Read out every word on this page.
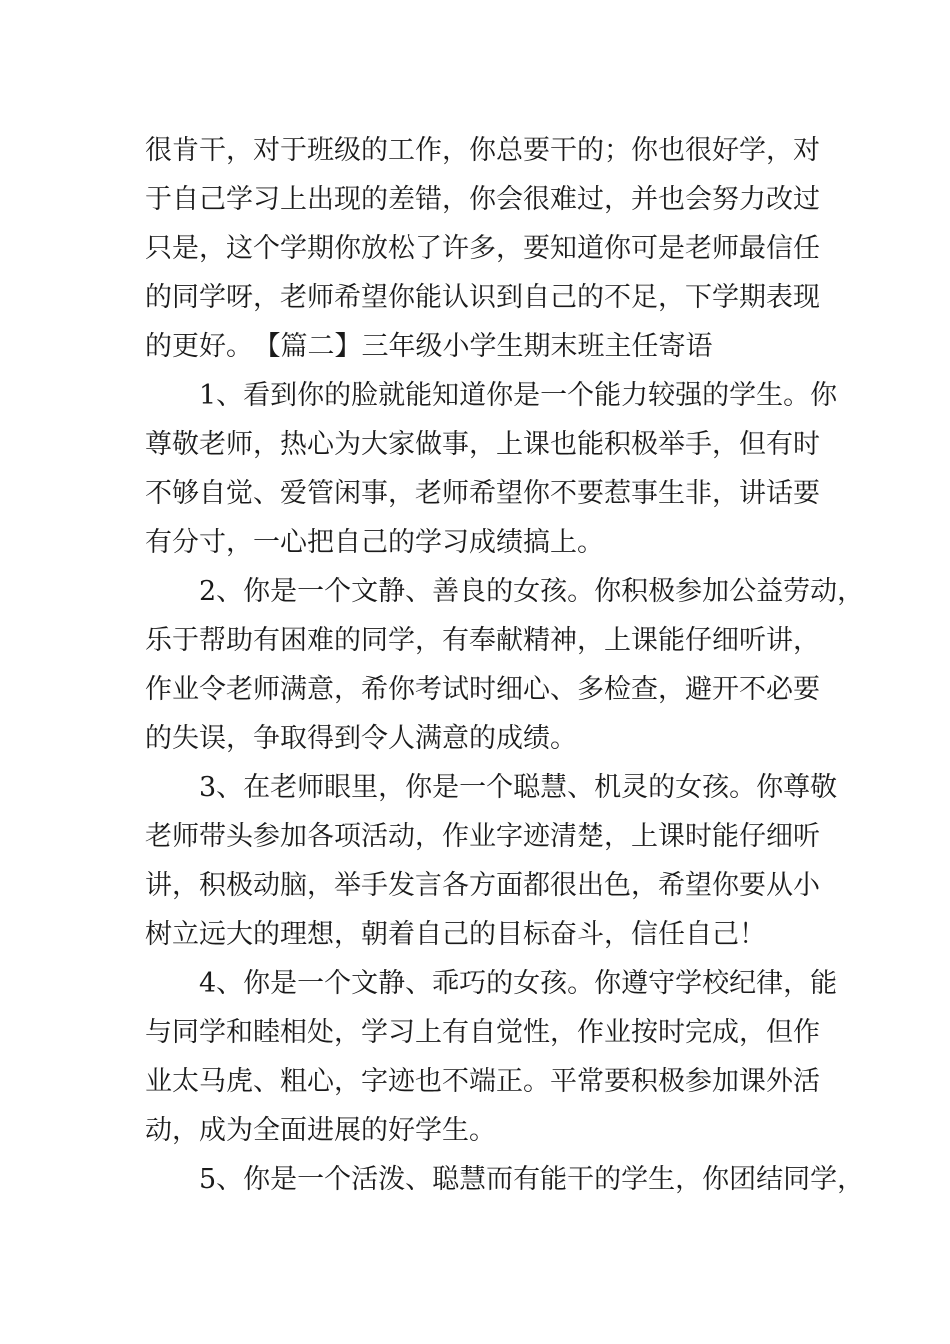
很肯干，对于班级的工作，你总要干的；你也很好学，对
于自己学习上出现的差错，你会很难过，并也会努力改过
只是，这个学期你放松了许多，要知道你可是老师最信任
的同学呀，老师希望你能认识到自己的不足，下学期表现
的更好。 【篇二】三年级小学生期末班主任寄语
1、看到你的脸就能知道你是一个能力较强的学生。你
尊敬老师，热心为大家做事，上课也能积极举手，但有时
不够自觉、爱管闲事，老师希望你不要惹事生非，讲话要
有分寸，一心把自己的学习成绩搞上。
2、你是一个文静、善良的女孩。你积极参加公益劳动，
乐于帮助有困难的同学，有奉献精神，上课能仔细听讲，
作业令老师满意，希你考试时细心、多检查，避开不必要
的失误，争取得到令人满意的成绩。
3、在老师眼里，你是一个聪慧、机灵的女孩。你尊敬
老师带头参加各项活动，作业字迹清楚，上课时能仔细听
讲，积极动脑，举手发言各方面都很出色，希望你要从小
树立远大的理想，朝着自己的目标奋斗，信任自己！
4、你是一个文静、乖巧的女孩。你遵守学校纪律，能
与同学和睦相处，学习上有自觉性，作业按时完成，但作
业太马虎、粗心，字迹也不端正。平常要积极参加课外活
动，成为全面进展的好学生。
5、你是一个活泼、聪慧而有能干的学生，你团结同学，
